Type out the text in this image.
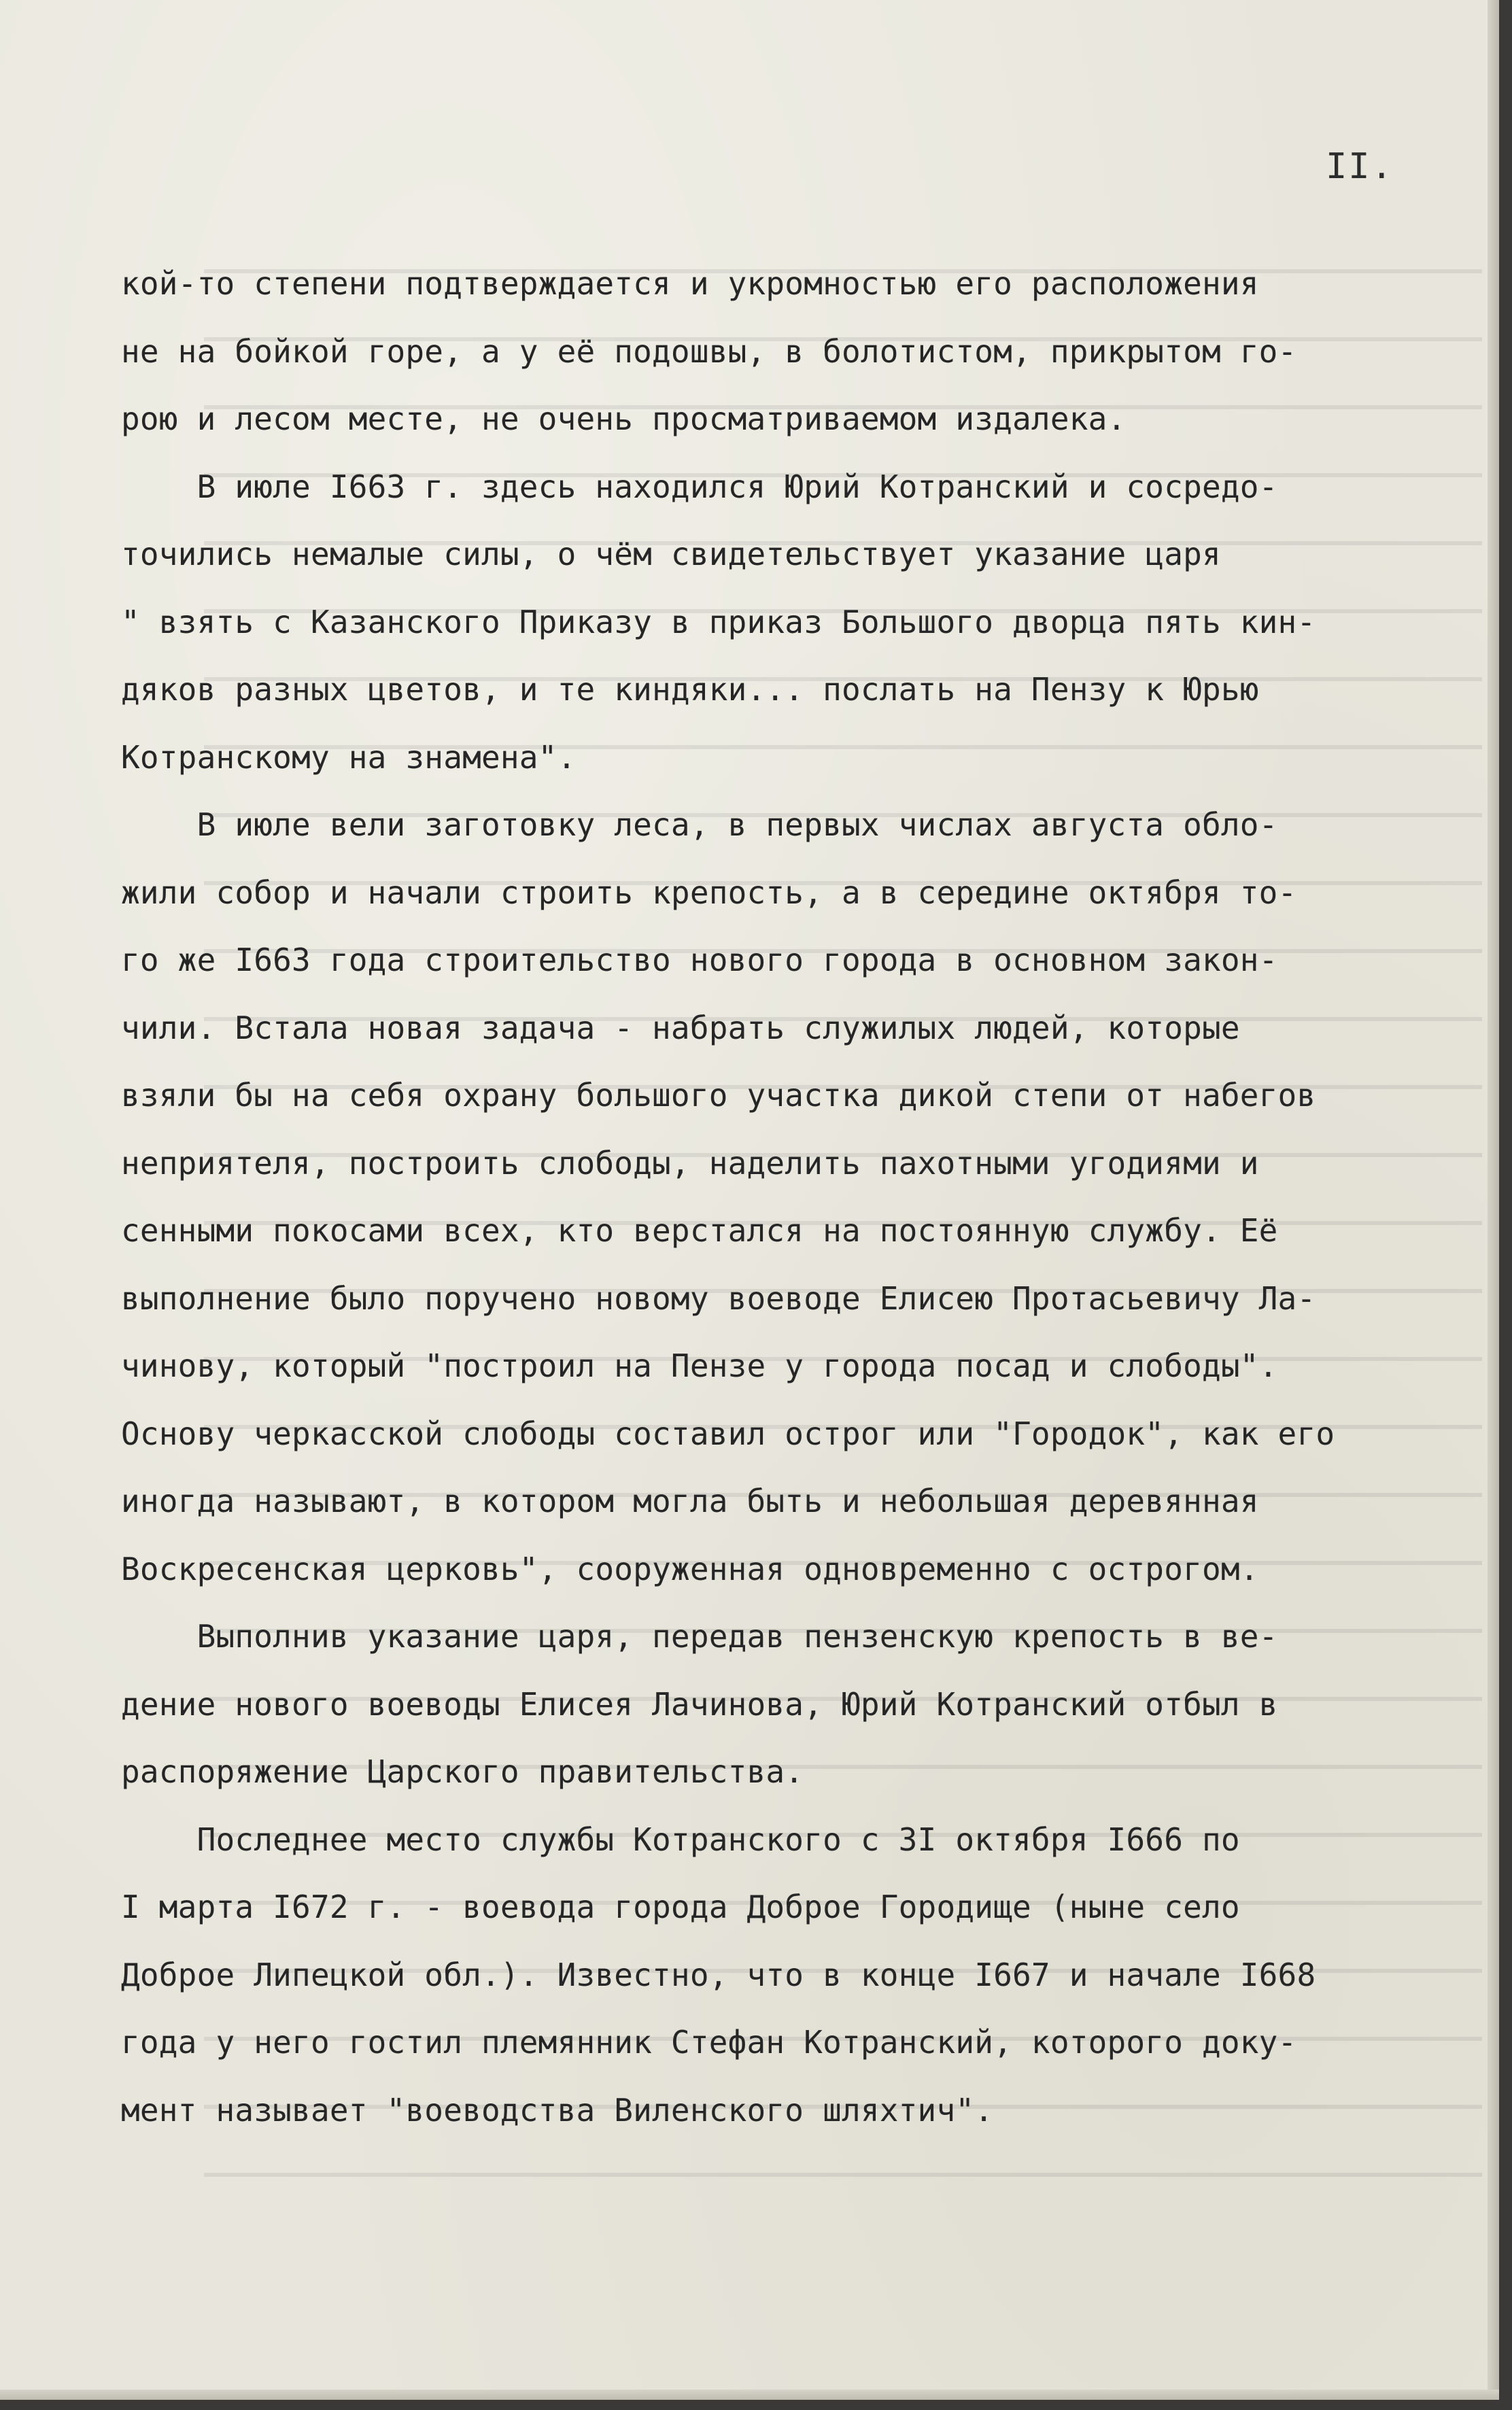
II.
кой-то степени подтверждается и укромностью его расположения
не на бойкой горе, а у её подошвы, в болотистом, прикрытом го-
рою и лесом месте, не очень просматриваемом издалека.
В июле I663 г. здесь находился Юрий Котранский и сосредо-
точились немалые силы, о чём свидетельствует указание царя
" взять с Казанского Приказу в приказ Большого дворца пять кин-
дяков разных цветов, и те киндяки... послать на Пензу к Юрью
Котранскому на знамена".
В июле вели заготовку леса, в первых числах августа обло-
жили собор и начали строить крепость, а в середине октября то-
го же I663 года строительство нового города в основном закон-
чили. Встала новая задача - набрать служилых людей, которые
взяли бы на себя охрану большого участка дикой степи от набегов
неприятеля, построить слободы, наделить пахотными угодиями и
сенными покосами всех, кто верстался на постоянную службу. Её
выполнение было поручено новому воеводе Елисею Протасьевичу Ла-
чинову, который "построил на Пензе у города посад и слободы".
Основу черкасской слободы составил острог или "Городок", как его
иногда называют, в котором могла быть и небольшая деревянная
Воскресенская церковь", сооруженная одновременно с острогом.
Выполнив указание царя, передав пензенскую крепость в ве-
дение нового воеводы Елисея Лачинова, Юрий Котранский отбыл в
распоряжение Царского правительства.
Последнее место службы Котранского с 3I октября I666 по
I марта I672 г. - воевода города Доброе Городище (ныне село
Доброе Липецкой обл.). Известно, что в конце I667 и начале I668
года у него гостил племянник Стефан Котранский, которого доку-
мент называет "воеводства Виленского шляхтич".
